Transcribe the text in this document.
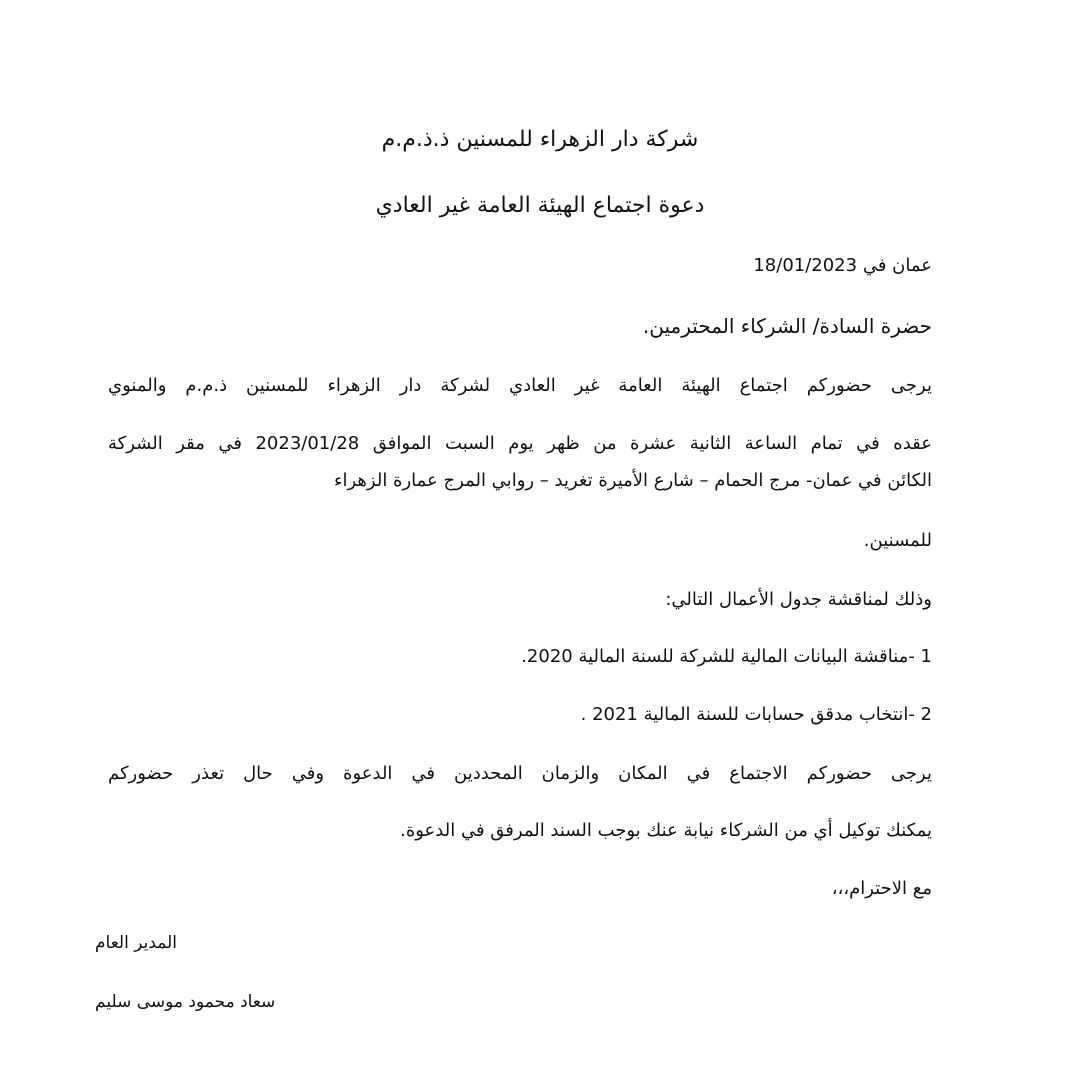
شركة دار الزهراء للمسنين ذ.ذ.م.م
دعوة اجتماع الهيئة العامة غير العادي
عمان في 18/01/2023
حضرة السادة/ الشركاء المحترمين.
يرجى حضوركم اجتماع الهيئة العامة غير العادي لشركة دار الزهراء للمسنين ذ.م.م والمنوي
عقده في تمام الساعة الثانية عشرة من ظهر يوم السبت الموافق 2023/01/28 في مقر الشركة
الكائن في عمان- مرج الحمام – شارع الأميرة تغريد – روابي المرج عمارة الزهراء
للمسنين.
وذلك لمناقشة جدول الأعمال التالي:
1 -مناقشة البيانات المالية للشركة للسنة المالية 2020.
2 -انتخاب مدقق حسابات للسنة المالية 2021 .
يرجى حضوركم الاجتماع في المكان والزمان المحددين في الدعوة وفي حال تعذر حضوركم
يمكنك توكيل أي من الشركاء نيابة عنك بوجب السند المرفق في الدعوة.
مع الاحترام،،،
المدير العام
سعاد محمود موسى سليم
